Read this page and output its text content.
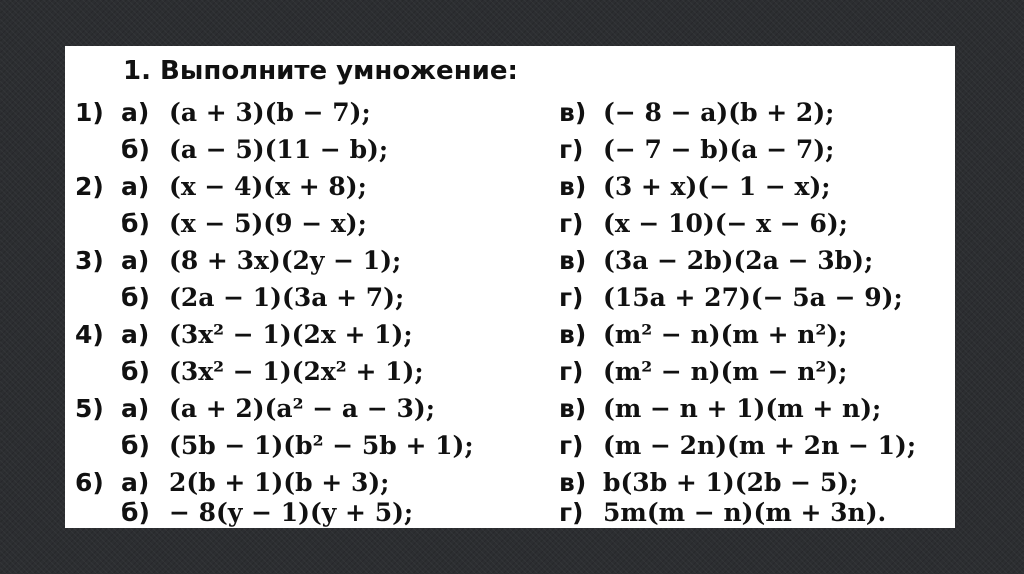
1. Выполните умножение:
1) а) (a + 3)(b − 7);	в) (− 8 − a)(b + 2);
б) (a − 5)(11 − b);	г) (− 7 − b)(a − 7);
2) а) (x − 4)(x + 8);	в) (3 + x)(− 1 − x);
б) (x − 5)(9 − x);	г) (x − 10)(− x − 6);
3) а) (8 + 3x)(2y − 1);	в) (3a − 2b)(2a − 3b);
б) (2a − 1)(3a + 7);	г) (15a + 27)(− 5a − 9);
4) а) (3x² − 1)(2x + 1);	в) (m² − n)(m + n²);
б) (3x² − 1)(2x² + 1);	г) (m² − n)(m − n²);
5) а) (a + 2)(a² − a − 3);	в) (m − n + 1)(m + n);
б) (5b − 1)(b² − 5b + 1);	г) (m − 2n)(m + 2n − 1);
6) а) 2(b + 1)(b + 3);	в) b(3b + 1)(2b − 5);
б) − 8(y − 1)(y + 5);	г) 5m(m − n)(m + 3n).
